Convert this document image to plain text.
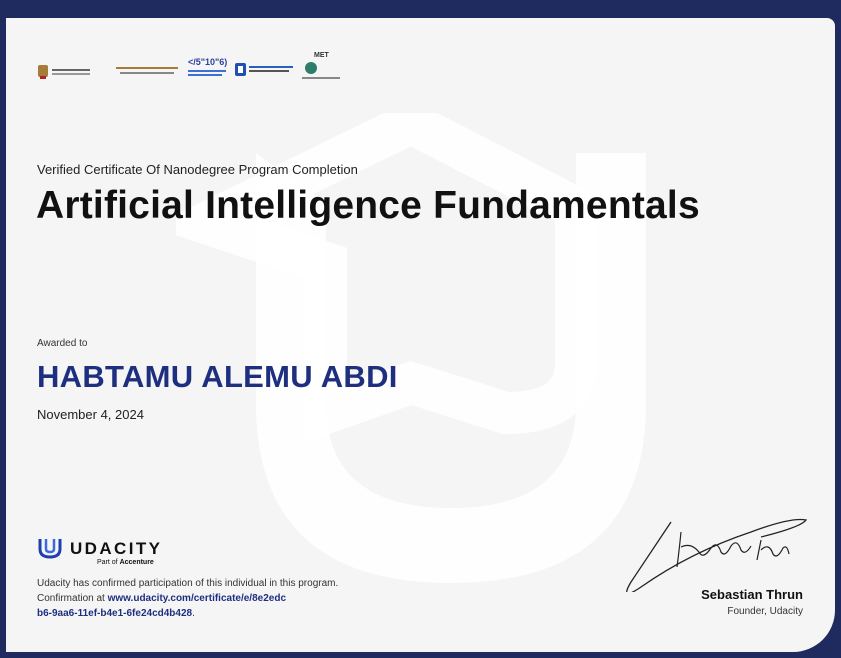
</5"10"6)
MET
Verified Certificate Of Nanodegree Program Completion
Artificial Intelligence Fundamentals
Awarded to
HABTAMU ALEMU ABDI
November 4, 2024
UDACITY
Part of Accenture
Udacity has confirmed participation of this individual in this program. Confirmation at www.udacity.com/certificate/e/8e2edc
b6-9aa6-11ef-b4e1-6fe24cd4b428.
Sebastian Thrun
Founder, Udacity
